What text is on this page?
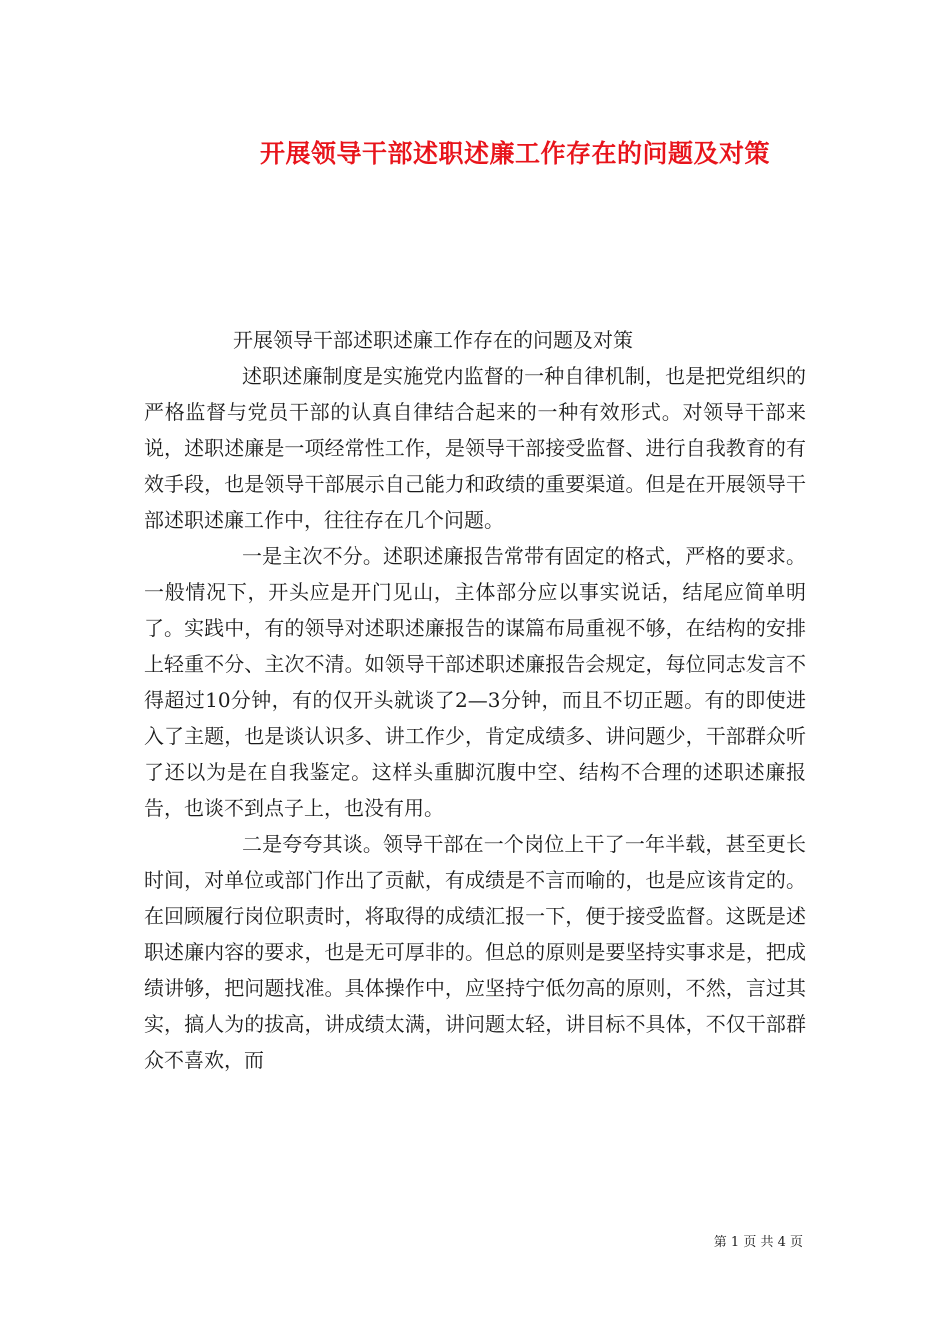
开展领导干部述职述廉工作存在的问题及对策

开展领导干部述职述廉工作存在的问题及对策

述职述廉制度是实施党内监督的一种自律机制，也是把党组织的严格监督与党员干部的认真自律结合起来的一种有效形式。对领导干部来说，述职述廉是一项经常性工作，是领导干部接受监督、进行自我教育的有效手段，也是领导干部展示自己能力和政绩的重要渠道。但是在开展领导干部述职述廉工作中，往往存在几个问题。

一是主次不分。述职述廉报告常带有固定的格式，严格的要求。一般情况下，开头应是开门见山，主体部分应以事实说话，结尾应简单明了。实践中，有的领导对述职述廉报告的谋篇布局重视不够，在结构的安排上轻重不分、主次不清。如领导干部述职述廉报告会规定，每位同志发言不得超过10分钟，有的仅开头就谈了2—3分钟，而且不切正题。有的即使进入了主题，也是谈认识多、讲工作少，肯定成绩多、讲问题少，干部群众听了还以为是在自我鉴定。这样头重脚沉腹中空、结构不合理的述职述廉报告，也谈不到点子上，也没有用。

二是夸夸其谈。领导干部在一个岗位上干了一年半载，甚至更长时间，对单位或部门作出了贡献，有成绩是不言而喻的，也是应该肯定的。在回顾履行岗位职责时，将取得的成绩汇报一下，便于接受监督。这既是述职述廉内容的要求，也是无可厚非的。但总的原则是要坚持实事求是，把成绩讲够，把问题找准。具体操作中，应坚持宁低勿高的原则，不然，言过其实，搞人为的拔高，讲成绩太满，讲问题太轻，讲目标不具体，不仅干部群众不喜欢，而

第 1 页 共 4 页
